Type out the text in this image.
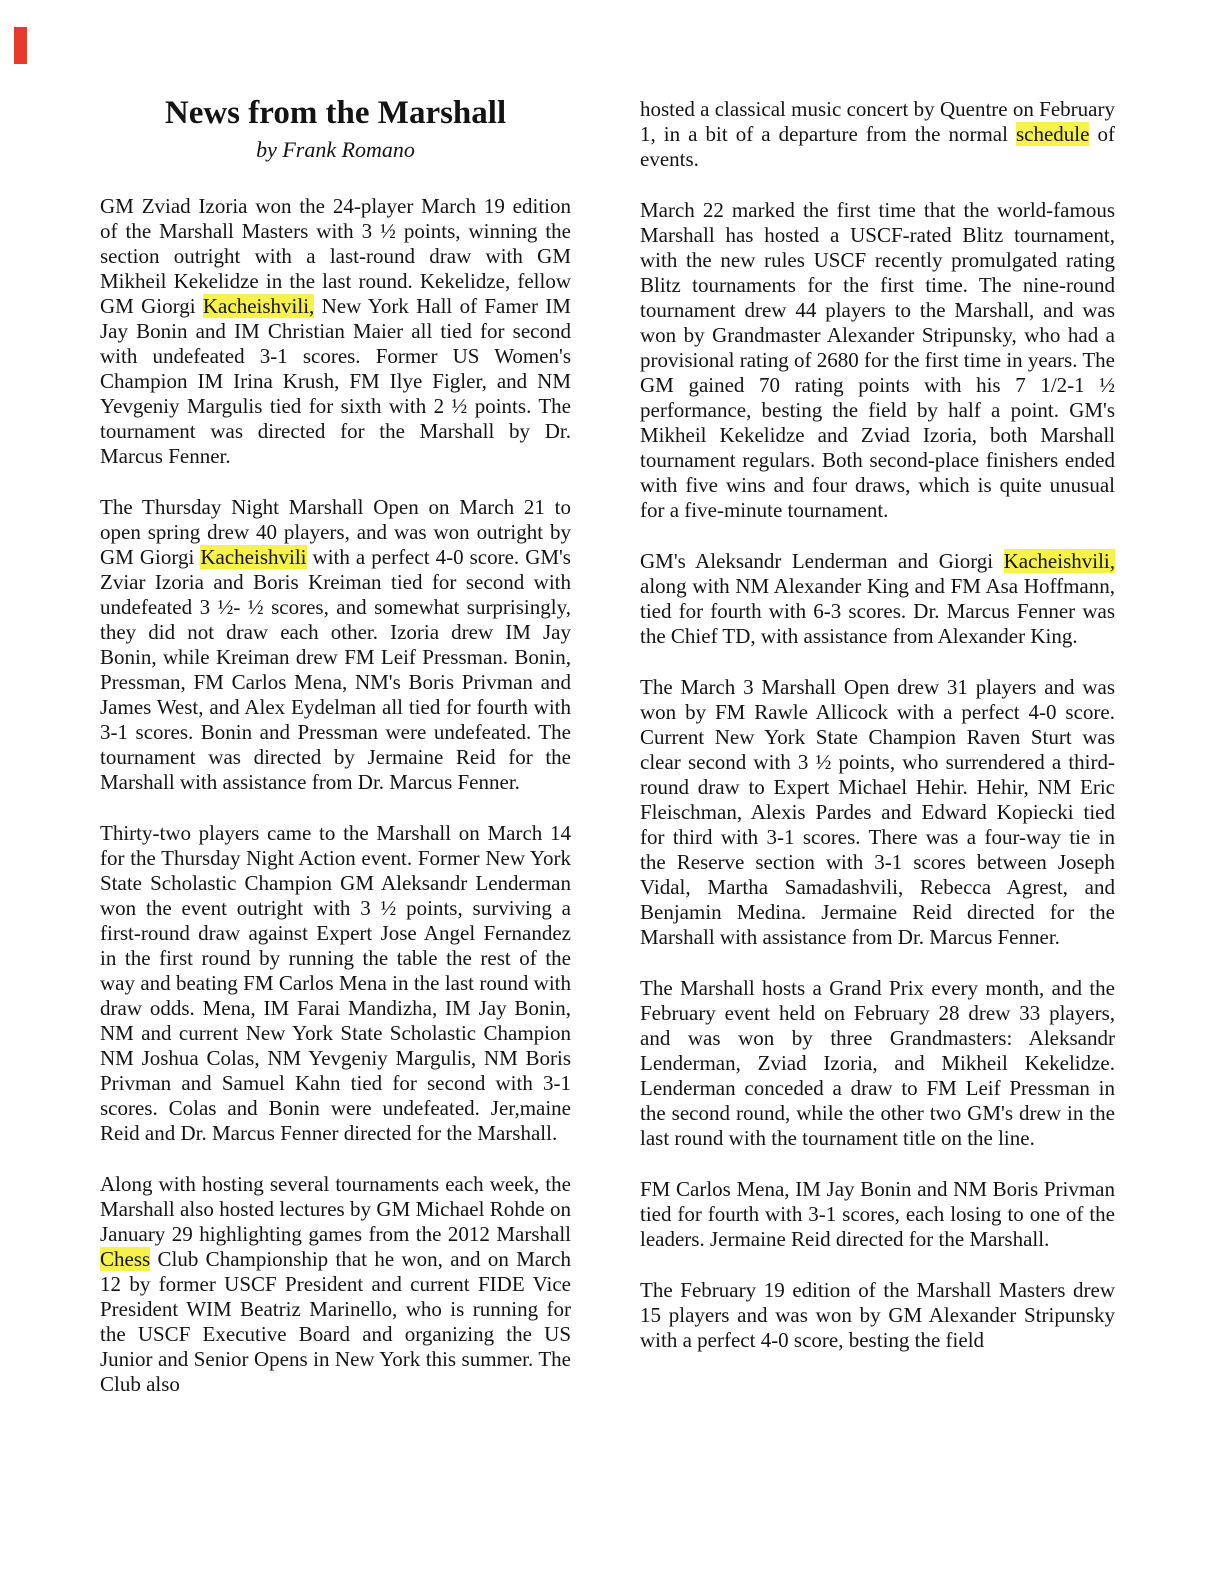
News from the Marshall
by Frank Romano

GM Zviad Izoria won the 24-player March 19 edition of the Marshall Masters with 3 ½ points, winning the section outright with a last-round draw with GM Mikheil Kekelidze in the last round. Kekelidze, fellow GM Giorgi Kacheishvili, New York Hall of Famer IM Jay Bonin and IM Christian Maier all tied for second with undefeated 3-1 scores. Former US Women's Champion IM Irina Krush, FM Ilye Figler, and NM Yevgeniy Margulis tied for sixth with 2 ½ points. The tournament was directed for the Marshall by Dr. Marcus Fenner.

The Thursday Night Marshall Open on March 21 to open spring drew 40 players, and was won outright by GM Giorgi Kacheishvili with a perfect 4-0 score. GM's Zviar Izoria and Boris Kreiman tied for second with undefeated 3 ½- ½ scores, and somewhat surprisingly, they did not draw each other. Izoria drew IM Jay Bonin, while Kreiman drew FM Leif Pressman. Bonin, Pressman, FM Carlos Mena, NM's Boris Privman and James West, and Alex Eydelman all tied for fourth with 3-1 scores. Bonin and Pressman were undefeated. The tournament was directed by Jermaine Reid for the Marshall with assistance from Dr. Marcus Fenner.

Thirty-two players came to the Marshall on March 14 for the Thursday Night Action event. Former New York State Scholastic Champion GM Aleksandr Lenderman won the event outright with 3 ½ points, surviving a first-round draw against Expert Jose Angel Fernandez in the first round by running the table the rest of the way and beating FM Carlos Mena in the last round with draw odds. Mena, IM Farai Mandizha, IM Jay Bonin, NM and current New York State Scholastic Champion NM Joshua Colas, NM Yevgeniy Margulis, NM Boris Privman and Samuel Kahn tied for second with 3-1 scores. Colas and Bonin were undefeated. Jer,maine Reid and Dr. Marcus Fenner directed for the Marshall.

Along with hosting several tournaments each week, the Marshall also hosted lectures by GM Michael Rohde on January 29 highlighting games from the 2012 Marshall Chess Club Championship that he won, and on March 12 by former USCF President and current FIDE Vice President WIM Beatriz Marinello, who is running for the USCF Executive Board and organizing the US Junior and Senior Opens in New York this summer. The Club also

hosted a classical music concert by Quentre on February 1, in a bit of a departure from the normal schedule of events.

March 22 marked the first time that the world-famous Marshall has hosted a USCF-rated Blitz tournament, with the new rules USCF recently promulgated rating Blitz tournaments for the first time. The nine-round tournament drew 44 players to the Marshall, and was won by Grandmaster Alexander Stripunsky, who had a provisional rating of 2680 for the first time in years. The GM gained 70 rating points with his 7 1/2-1 ½ performance, besting the field by half a point. GM's Mikheil Kekelidze and Zviad Izoria, both Marshall tournament regulars. Both second-place finishers ended with five wins and four draws, which is quite unusual for a five-minute tournament.

GM's Aleksandr Lenderman and Giorgi Kacheishvili, along with NM Alexander King and FM Asa Hoffmann, tied for fourth with 6-3 scores. Dr. Marcus Fenner was the Chief TD, with assistance from Alexander King.

The March 3 Marshall Open drew 31 players and was won by FM Rawle Allicock with a perfect 4-0 score. Current New York State Champion Raven Sturt was clear second with 3 ½ points, who surrendered a third-round draw to Expert Michael Hehir. Hehir, NM Eric Fleischman, Alexis Pardes and Edward Kopiecki tied for third with 3-1 scores. There was a four-way tie in the Reserve section with 3-1 scores between Joseph Vidal, Martha Samadashvili, Rebecca Agrest, and Benjamin Medina. Jermaine Reid directed for the Marshall with assistance from Dr. Marcus Fenner.

The Marshall hosts a Grand Prix every month, and the February event held on February 28 drew 33 players, and was won by three Grandmasters: Aleksandr Lenderman, Zviad Izoria, and Mikheil Kekelidze. Lenderman conceded a draw to FM Leif Pressman in the second round, while the other two GM's drew in the last round with the tournament title on the line.

FM Carlos Mena, IM Jay Bonin and NM Boris Privman tied for fourth with 3-1 scores, each losing to one of the leaders. Jermaine Reid directed for the Marshall.

The February 19 edition of the Marshall Masters drew 15 players and was won by GM Alexander Stripunsky with a perfect 4-0 score, besting the field
